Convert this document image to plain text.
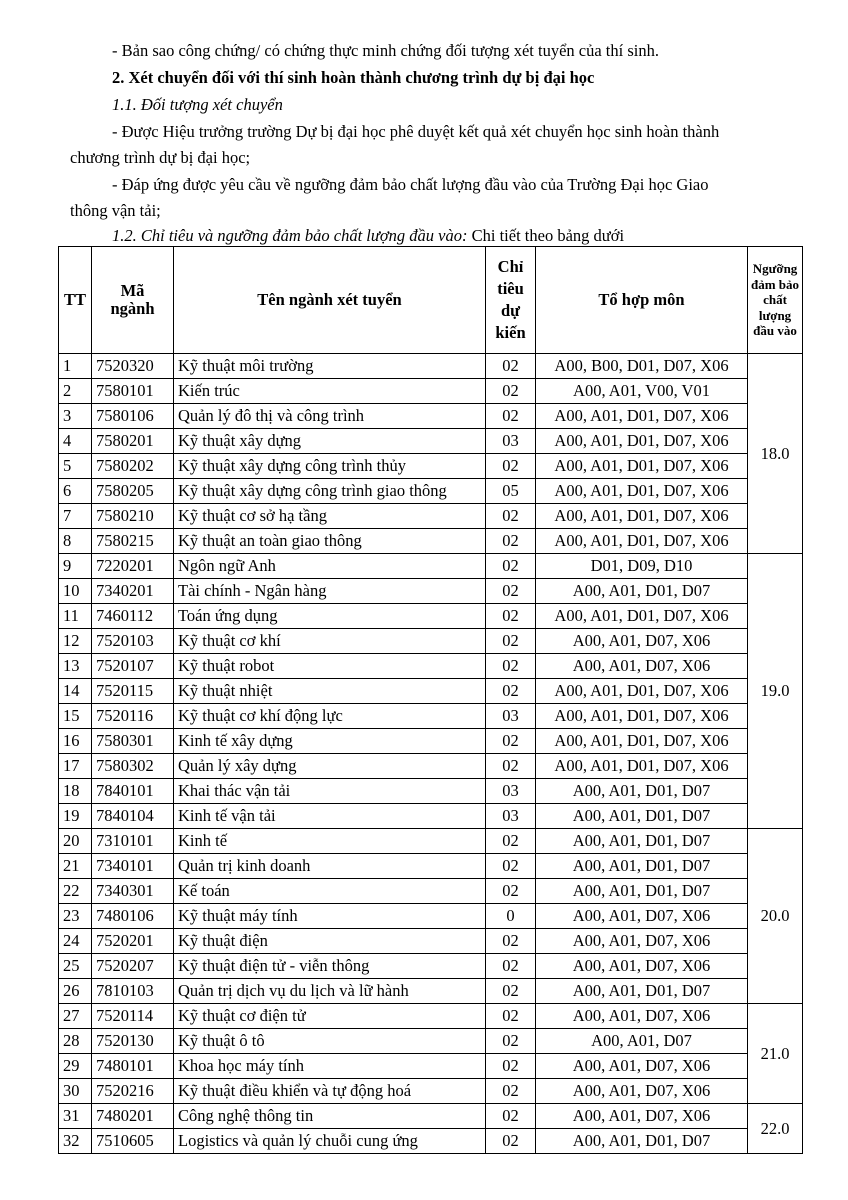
- Bản sao công chứng/ có chứng thực minh chứng đối tượng xét tuyển của thí sinh.
2. Xét chuyển đối với thí sinh hoàn thành chương trình dự bị đại học
1.1. Đối tượng xét chuyển
- Được Hiệu trưởng trường Dự bị đại học phê duyệt kết quả xét chuyển học sinh hoàn thành
chương trình dự bị đại học;
- Đáp ứng được yêu cầu về ngưỡng đảm bảo chất lượng đầu vào của Trường Đại học Giao
thông vận tải;
1.2. Chỉ tiêu và ngưỡng đảm bảo chất lượng đầu vào: Chi tiết theo bảng dưới
TT	Mã ngành	Tên ngành xét tuyển	Chỉ tiêu dự kiến	Tổ hợp môn	Ngưỡng đảm bảo chất lượng đầu vào
1	7520320	Kỹ thuật môi trường	02	A00, B00, D01, D07, X06	18.0
2	7580101	Kiến trúc	02	A00, A01, V00, V01	
3	7580106	Quản lý đô thị và công trình	02	A00, A01, D01, D07, X06	
4	7580201	Kỹ thuật xây dựng	03	A00, A01, D01, D07, X06	
5	7580202	Kỹ thuật xây dựng công trình thủy	02	A00, A01, D01, D07, X06	
6	7580205	Kỹ thuật xây dựng công trình giao thông	05	A00, A01, D01, D07, X06	
7	7580210	Kỹ thuật cơ sở hạ tầng	02	A00, A01, D01, D07, X06	
8	7580215	Kỹ thuật an toàn giao thông	02	A00, A01, D01, D07, X06	
9	7220201	Ngôn ngữ Anh	02	D01, D09, D10	19.0
10	7340201	Tài chính - Ngân hàng	02	A00, A01, D01, D07	
11	7460112	Toán ứng dụng	02	A00, A01, D01, D07, X06	
12	7520103	Kỹ thuật cơ khí	02	A00, A01, D07, X06	
13	7520107	Kỹ thuật robot	02	A00, A01, D07, X06	
14	7520115	Kỹ thuật nhiệt	02	A00, A01, D01, D07, X06	
15	7520116	Kỹ thuật cơ khí động lực	03	A00, A01, D01, D07, X06	
16	7580301	Kinh tế xây dựng	02	A00, A01, D01, D07, X06	
17	7580302	Quản lý xây dựng	02	A00, A01, D01, D07, X06	
18	7840101	Khai thác vận tải	03	A00, A01, D01, D07	
19	7840104	Kinh tế vận tải	03	A00, A01, D01, D07	
20	7310101	Kinh tế	02	A00, A01, D01, D07	20.0
21	7340101	Quản trị kinh doanh	02	A00, A01, D01, D07	
22	7340301	Kế toán	02	A00, A01, D01, D07	
23	7480106	Kỹ thuật máy tính	0	A00, A01, D07, X06	
24	7520201	Kỹ thuật điện	02	A00, A01, D07, X06	
25	7520207	Kỹ thuật điện tử - viễn thông	02	A00, A01, D07, X06	
26	7810103	Quản trị dịch vụ du lịch và lữ hành	02	A00, A01, D01, D07	
27	7520114	Kỹ thuật cơ điện tử	02	A00, A01, D07, X06	21.0
28	7520130	Kỹ thuật ô tô	02	A00, A01, D07	
29	7480101	Khoa học máy tính	02	A00, A01, D07, X06	
30	7520216	Kỹ thuật điều khiển và tự động hoá	02	A00, A01, D07, X06	
31	7480201	Công nghệ thông tin	02	A00, A01, D07, X06	22.0
32	7510605	Logistics và quản lý chuỗi cung ứng	02	A00, A01, D01, D07	
